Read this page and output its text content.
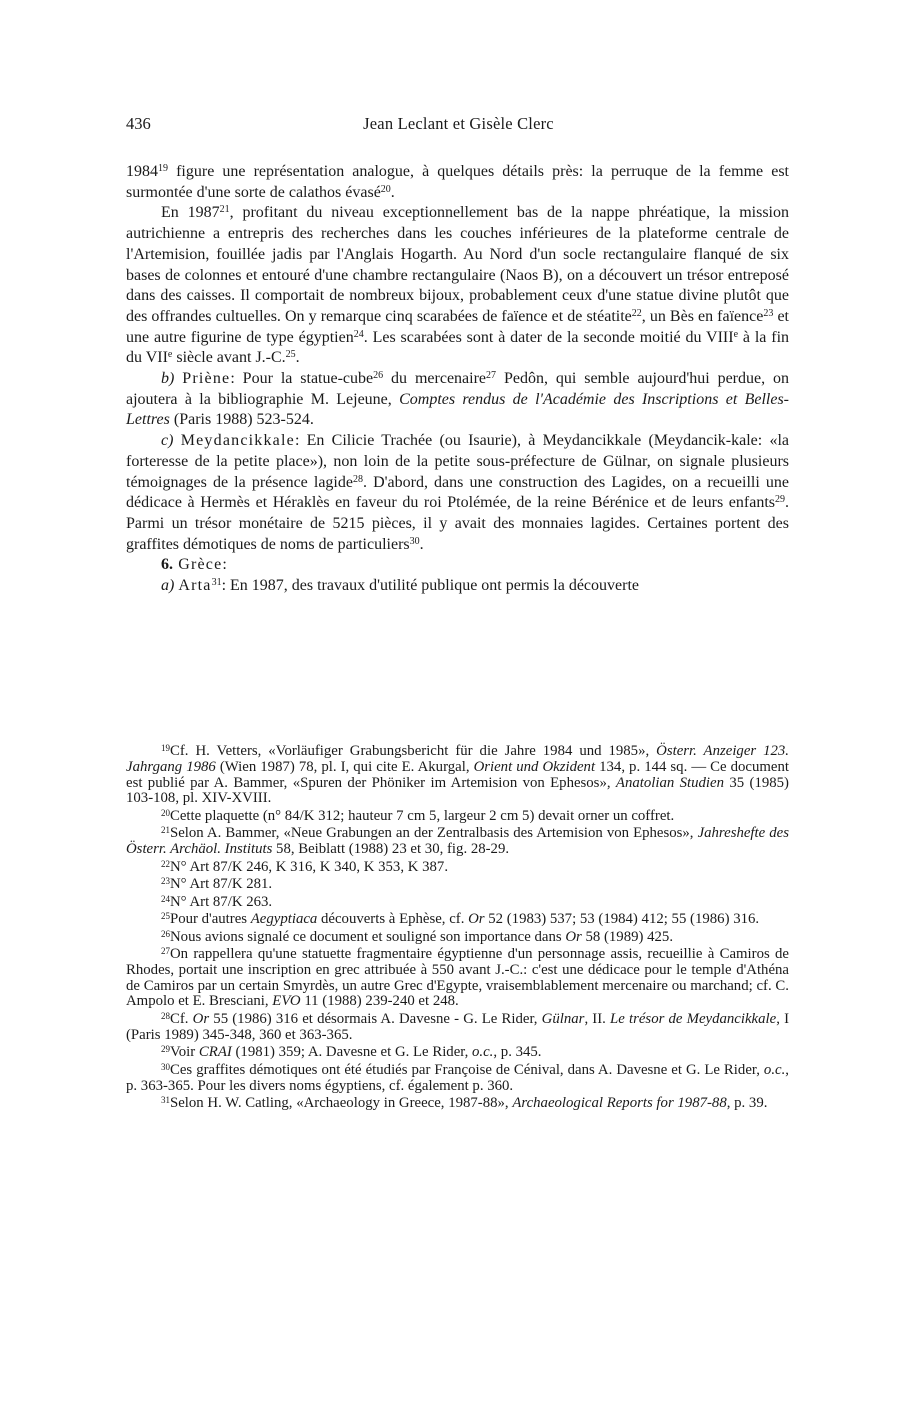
436	Jean Leclant et Gisèle Clerc

1984$^{19}$ figure une représentation analogue, à quelques détails près: la perruque de la femme est surmontée d'une sorte de calathos évasé$^{20}$.

En 1987$^{21}$, profitant du niveau exceptionnellement bas de la nappe phréatique, la mission autrichienne a entrepris des recherches dans les couches inférieures de la plateforme centrale de l'Artemision, fouillée jadis par l'Anglais Hogarth. Au Nord d'un socle rectangulaire flanqué de six bases de colonnes et entouré d'une chambre rectangulaire (Naos B), on a découvert un trésor entreposé dans des caisses. Il comportait de nombreux bijoux, probablement ceux d'une statue divine plutôt que des offrandes cultuelles. On y remarque cinq scarabées de faïence et de stéatite$^{22}$, un Bès en faïence$^{23}$ et une autre figurine de type égyptien$^{24}$. Les scarabées sont à dater de la seconde moitié du VIIIe à la fin du VIIe siècle avant J.-C.$^{25}$.

b) Priène: Pour la statue-cube$^{26}$ du mercenaire$^{27}$ Pedôn, qui semble aujourd'hui perdue, on ajoutera à la bibliographie M. Lejeune, Comptes rendus de l'Académie des Inscriptions et Belles-Lettres (Paris 1988) 523-524.

c) Meydancikkale: En Cilicie Trachée (ou Isaurie), à Meydancikkale (Meydancik-kale: «la forteresse de la petite place»), non loin de la petite sous-préfecture de Gülnar, on signale plusieurs témoignages de la présence lagide$^{28}$. D'abord, dans une construction des Lagides, on a recueilli une dédicace à Hermès et Héraklès en faveur du roi Ptolémée, de la reine Bérénice et de leurs enfants$^{29}$. Parmi un trésor monétaire de 5215 pièces, il y avait des monnaies lagides. Certaines portent des graffites démotiques de noms de particuliers$^{30}$.

6. Grèce:

a) Arta$^{31}$: En 1987, des travaux d'utilité publique ont permis la découverte

$^{19}$Cf. H. Vetters, «Vorläufiger Grabungsbericht für die Jahre 1984 und 1985», Österr. Anzeiger 123. Jahrgang 1986 (Wien 1987) 78, pl. I, qui cite E. Akurgal, Orient und Okzident 134, p. 144 sq. — Ce document est publié par A. Bammer, «Spuren der Phöniker im Artemision von Ephesos», Anatolian Studien 35 (1985) 103-108, pl. XIV-XVIII.

$^{20}$Cette plaquette (n° 84/K 312; hauteur 7 cm 5, largeur 2 cm 5) devait orner un coffret.

$^{21}$Selon A. Bammer, «Neue Grabungen an der Zentralbasis des Artemision von Ephesos», Jahreshefte des Österr. Archäol. Instituts 58, Beiblatt (1988) 23 et 30, fig. 28-29.

$^{22}$N° Art 87/K 246, K 316, K 340, K 353, K 387.

$^{23}$N° Art 87/K 281.

$^{24}$N° Art 87/K 263.

$^{25}$Pour d'autres Aegyptiaca découverts à Ephèse, cf. Or 52 (1983) 537; 53 (1984) 412; 55 (1986) 316.

$^{26}$Nous avions signalé ce document et souligné son importance dans Or 58 (1989) 425.

$^{27}$On rappellera qu'une statuette fragmentaire égyptienne d'un personnage assis, recueillie à Camiros de Rhodes, portait une inscription en grec attribuée à 550 avant J.-C.: c'est une dédicace pour le temple d'Athéna de Camiros par un certain Smyrdès, un autre Grec d'Egypte, vraisemblablement mercenaire ou marchand; cf. C. Ampolo et E. Bresciani, EVO 11 (1988) 239-240 et 248.

$^{28}$Cf. Or 55 (1986) 316 et désormais A. Davesne - G. Le Rider, Gülnar, II. Le trésor de Meydancikkale, I (Paris 1989) 345-348, 360 et 363-365.

$^{29}$Voir CRAI (1981) 359; A. Davesne et G. Le Rider, o.c., p. 345.

$^{30}$Ces graffites démotiques ont été étudiés par Françoise de Cénival, dans A. Davesne et G. Le Rider, o.c., p. 363-365. Pour les divers noms égyptiens, cf. également p. 360.

$^{31}$Selon H. W. Catling, «Archaeology in Greece, 1987-88», Archaeological Reports for 1987-88, p. 39.
